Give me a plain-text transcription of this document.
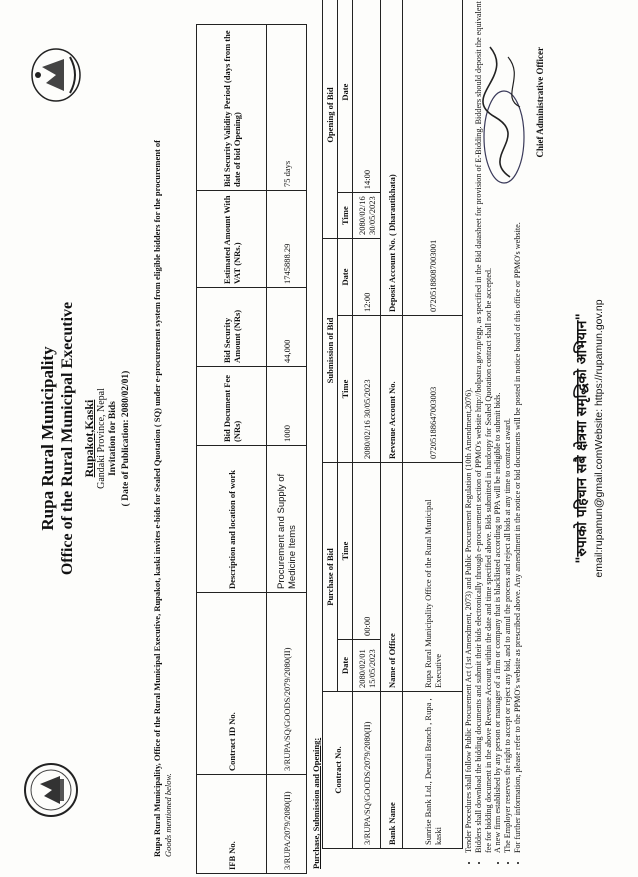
Rupa Rural Municipality Office of the Rural Municipal Executive Rupakot,Kaski Gandaki Province, Nepal Invitation for Bids ( Date of Publication: 2080/02/01) Rupa Rural Municipality, Office of the Rural Municipal Executive, Rupakot, kaski invites e-bids for Sealed Quotation ( SQ) under e-procurement system from eligible bidders for the procurement of
Goods mentioned below.	IFB No.	Contract ID No.	Description and location of work	Bid Document Fee (NRs)	Bid Security Amount (NRs)	Estimated Amount With VAT (NRs.)	Bid Security Validity Period (days from the date of bid Opening)
3/RUPA/2079/2080(II)	3/RUPA/SQ/GOODS/2079/2080(II)	Procurement and Supply of Medicine Items	1000	44,000	1745888.29	75 days
Purchase, Submission and Opening: Contract No.	Purchase of Bid		Submission of Bid		Opening of Bid	
	Date	Time	Time	Date	Time	Date
3/RUPA/SQ/GOODS/2079/2080(II)	2080/02/01 15/05/2023	00:00	2080/02/16 30/05/2023	12:00	2080/02/16 30/05/2023	14:00
Bank Name	Name of Office		Revenue Account No.	Deposit Account No. ( Dharautikhata)		
Sunrise Bank Ltd., Deurali Branch , Rupa , kaski	Rupa Rural Municipality Office of the Rural Municipal Executive		07205188647003003	07205188087003001		
• Tender Procedures shall follow Public Procurement Act (1st Amendment, 2073) and Public Procurement Regulation (10th Amendment,2076). • Bidders shall download the bidding documents and submit their bids electronically through e-procurement section of PPMO's website http://bolpatra.gov.np/egp, as specified in the Bid datasheet for provision of E-Bidding. Bidders should deposit the equivalent fee for bidding document in the above Revenue Account within the date and time specified above. Bids submitted in hardcopy for Sealed Quotation contract shall not be accepted. • A new firm established by any person or manager of a firm or company that is blacklisted according to PPA will be ineligible to submit bids. • The Employer reserves the right to accept or reject any bid, and to annul the process and reject all bids at any time to contract award. • For further information, please refer to the PPMO's website as prescribed above. Any amendment in the notice or bid documents will be posted in notice board of this office or PPMO's website.
Chief Administrative Officer
"रुपाको पहिचान सबै क्षेत्रमा समृद्धिको अभियान" email:rupamun@gmail.comWebsite: https://rupamun.gov.np
